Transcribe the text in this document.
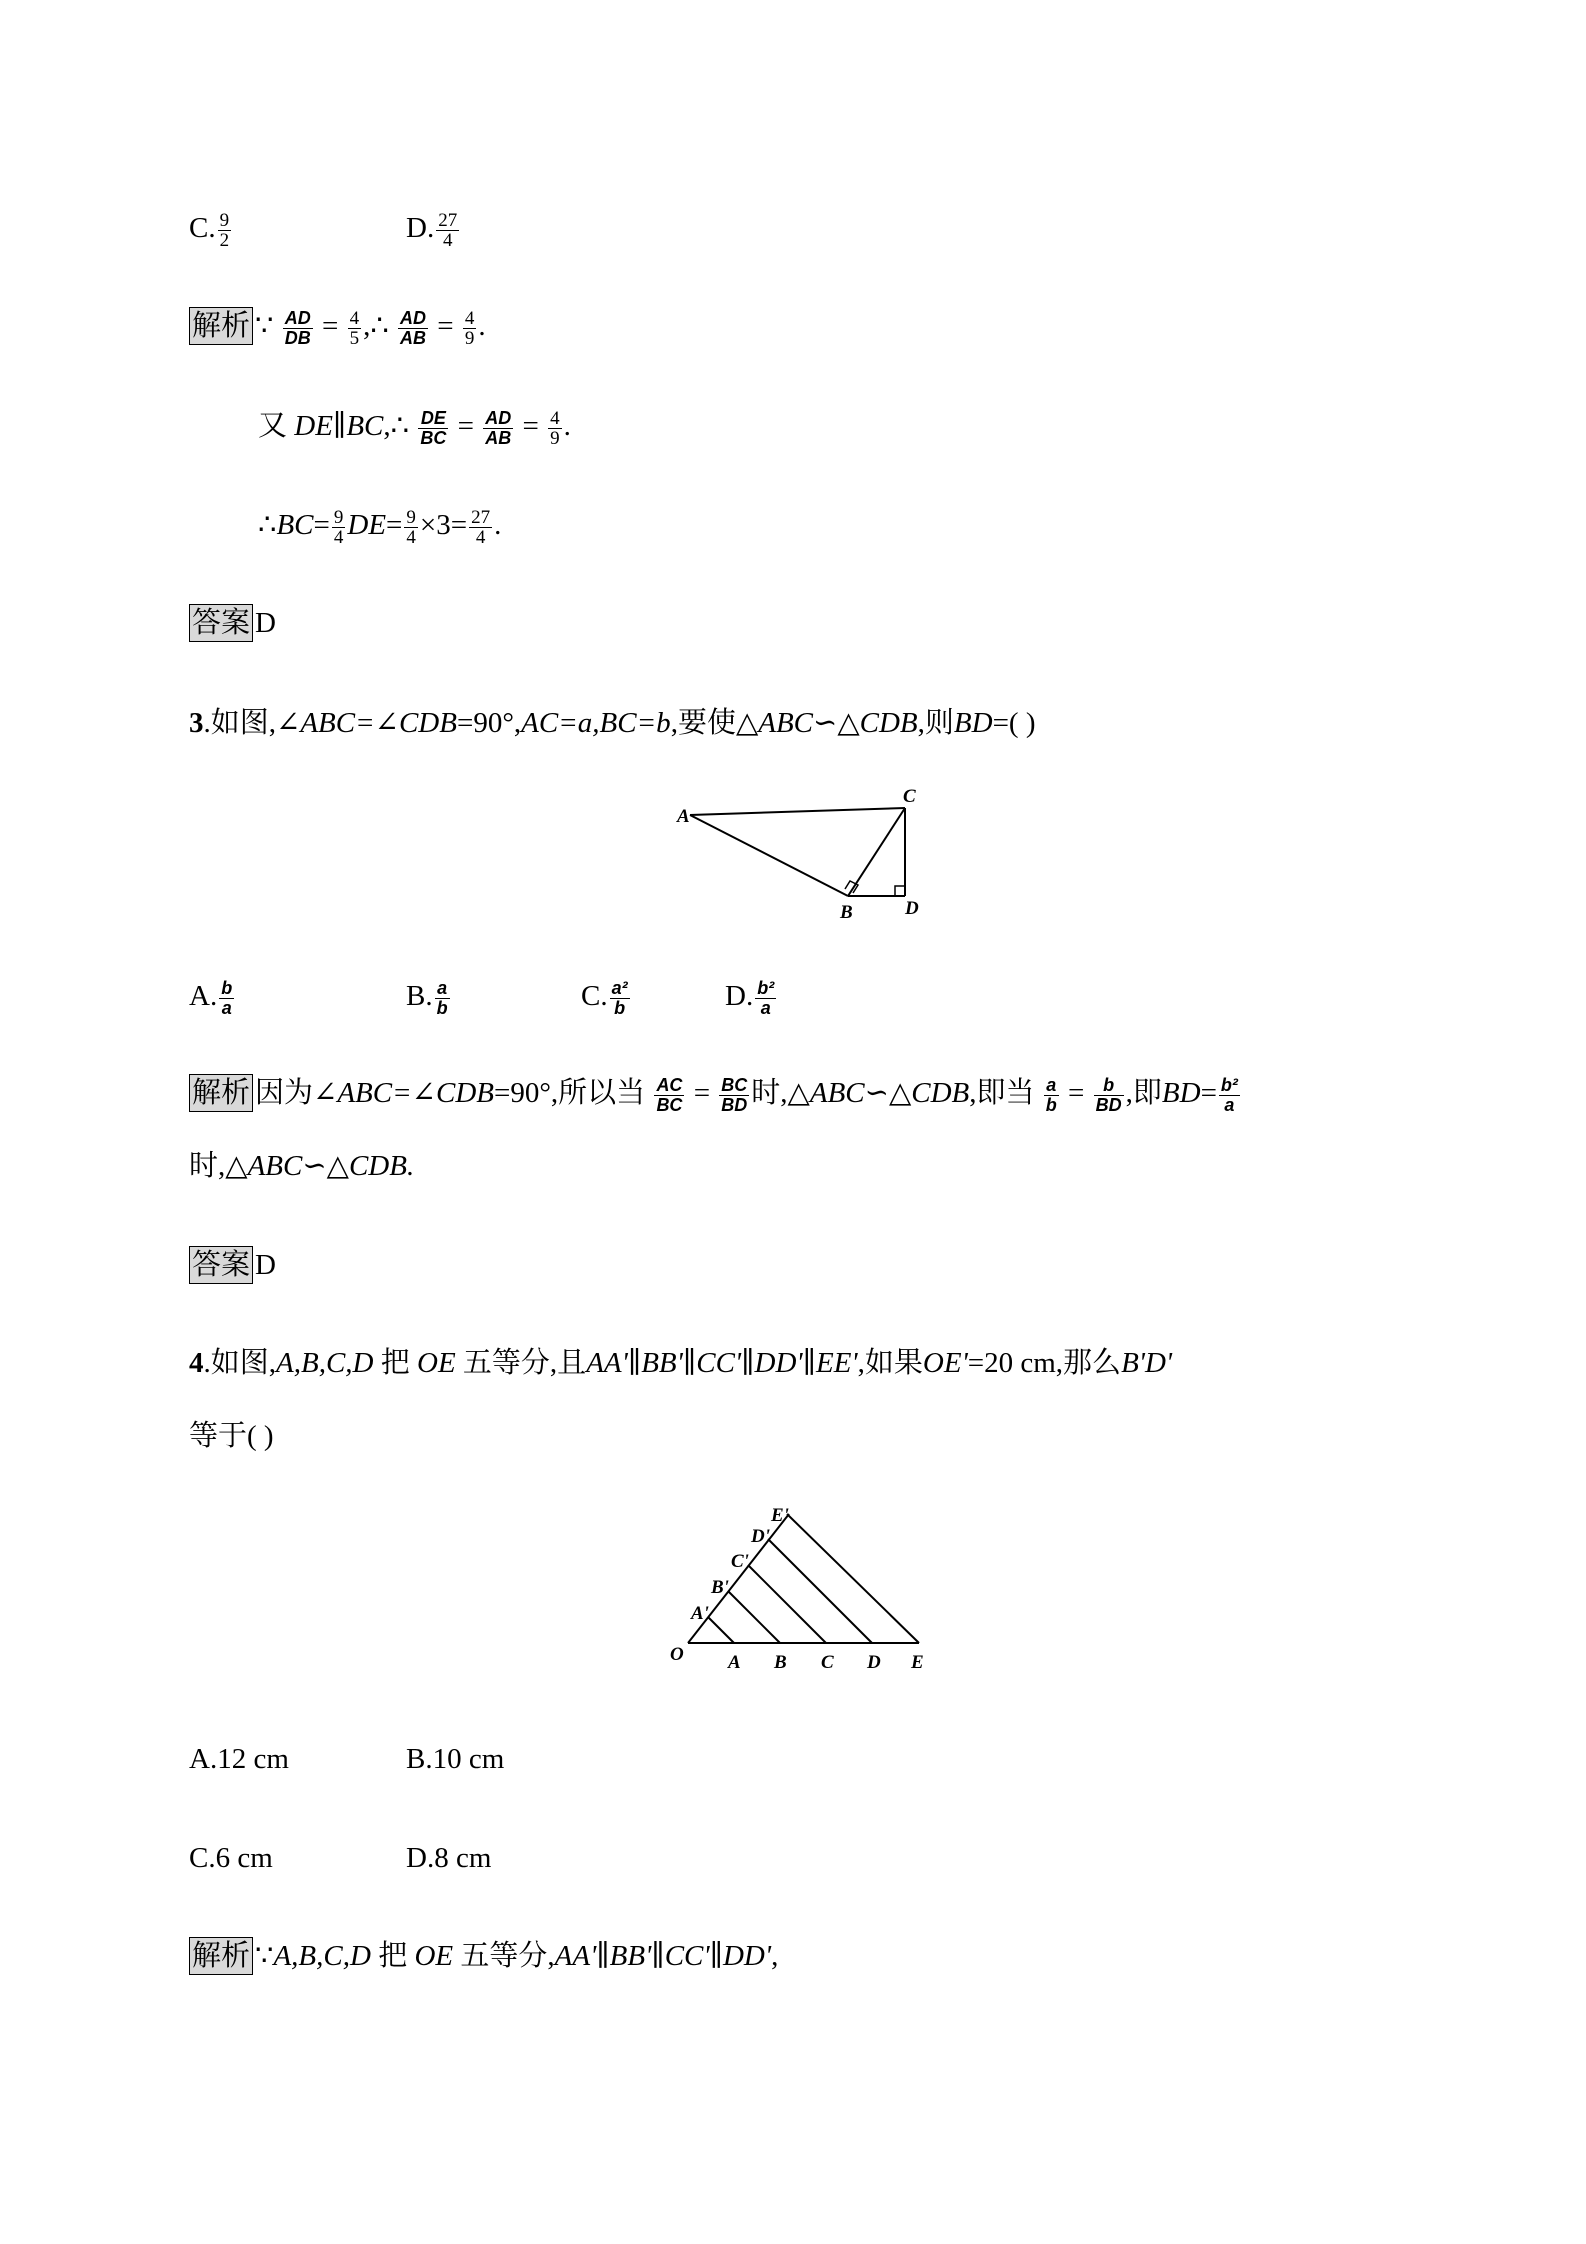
C. $\frac{9}{2}$	D. $\frac{27}{4}$
解析 ∵ $\frac{AD}{DB} = \frac{4}{5}$ ,∴ $\frac{AD}{AB} = \frac{4}{9}$ .
又 DE∥BC,∴ $\frac{DE}{BC} = \frac{AD}{AB} = \frac{4}{9}$ .
∴BC= $\frac{9}{4} DE= \frac{9}{4} \times 3= \frac{27}{4}$ .
答案 D
3.如图,∠ABC=∠CDB=90°,AC=a,BC=b,要使△ABC∽△CDB,则BD=( )
A
C
B	D
A. $\frac{b}{a}$	B. $\frac{a}{b}$	C. $\frac{\text{a²}}{b}$	D. $\frac{\text{b²}}{a}$
解析 因为∠ABC=∠CDB=90°,所以当 $\frac{AC}{BC} = \frac{BC}{BD}$ 时,△ABC∽△CDB,即当 $\frac{a}{b} = \frac{b}{BD}$ ,即$BD= \frac{\text{b²}}{a}$
时,△ABC∽△CDB.
答案 D
4.如图,A,B,C,D 把 OE 五等分,且AA'∥BB'∥CC'∥DD'∥EE',如果OE'=20 cm,那么B'D'
等于( )
O A B C D E
A'
B'
C'
D'
E'
A.12 cm	B.10 cm
C.6 cm	D.8 cm
解析 ∵A,B,C,D 把 OE 五等分,AA'∥BB'∥CC'∥DD',
